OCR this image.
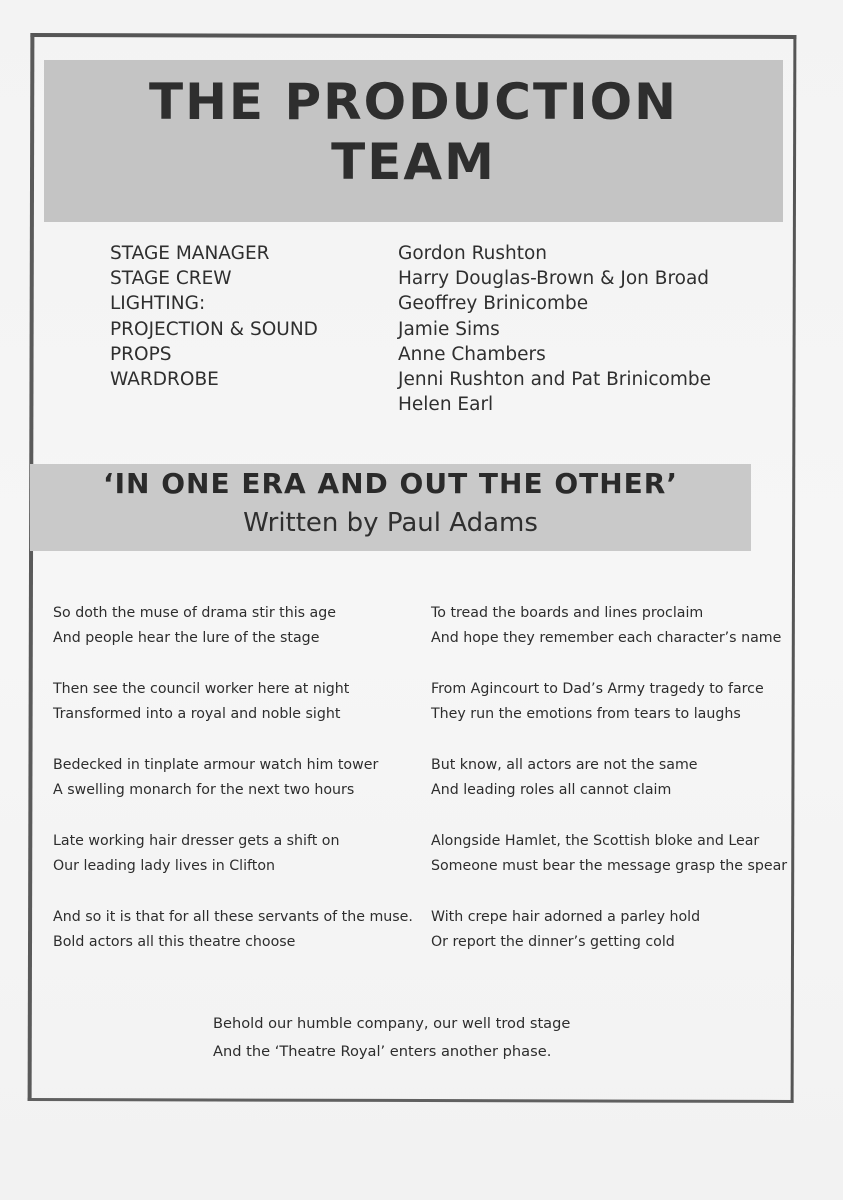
THE PRODUCTION
TEAM
STAGE MANAGER
STAGE CREW
LIGHTING:
PROJECTION & SOUND
PROPS
WARDROBE
Gordon Rushton
Harry Douglas-Brown & Jon Broad
Geoffrey Brinicombe
Jamie Sims
Anne Chambers
Jenni Rushton and Pat Brinicombe
Helen Earl
‘IN ONE ERA AND OUT THE OTHER’
Written by Paul Adams

So doth the muse of drama stir this age
And people hear the lure of the stage

Then see the council worker here at night
Transformed into a royal and noble sight

Bedecked in tinplate armour watch him tower
A swelling monarch for the next two hours

Late working hair dresser gets a shift on
Our leading lady lives in Clifton

And so it is that for all these servants of the muse.
Bold actors all this theatre choose

To tread the boards and lines proclaim
And hope they remember each character’s name

From Agincourt to Dad’s Army tragedy to farce
They run the emotions from tears to laughs

But know, all actors are not the same
And leading roles all cannot claim

Alongside Hamlet, the Scottish bloke and Lear
Someone must bear the message grasp the spear

With crepe hair adorned a parley hold
Or report the dinner’s getting cold

Behold our humble company, our well trod stage
And the ‘Theatre Royal’ enters another phase.
